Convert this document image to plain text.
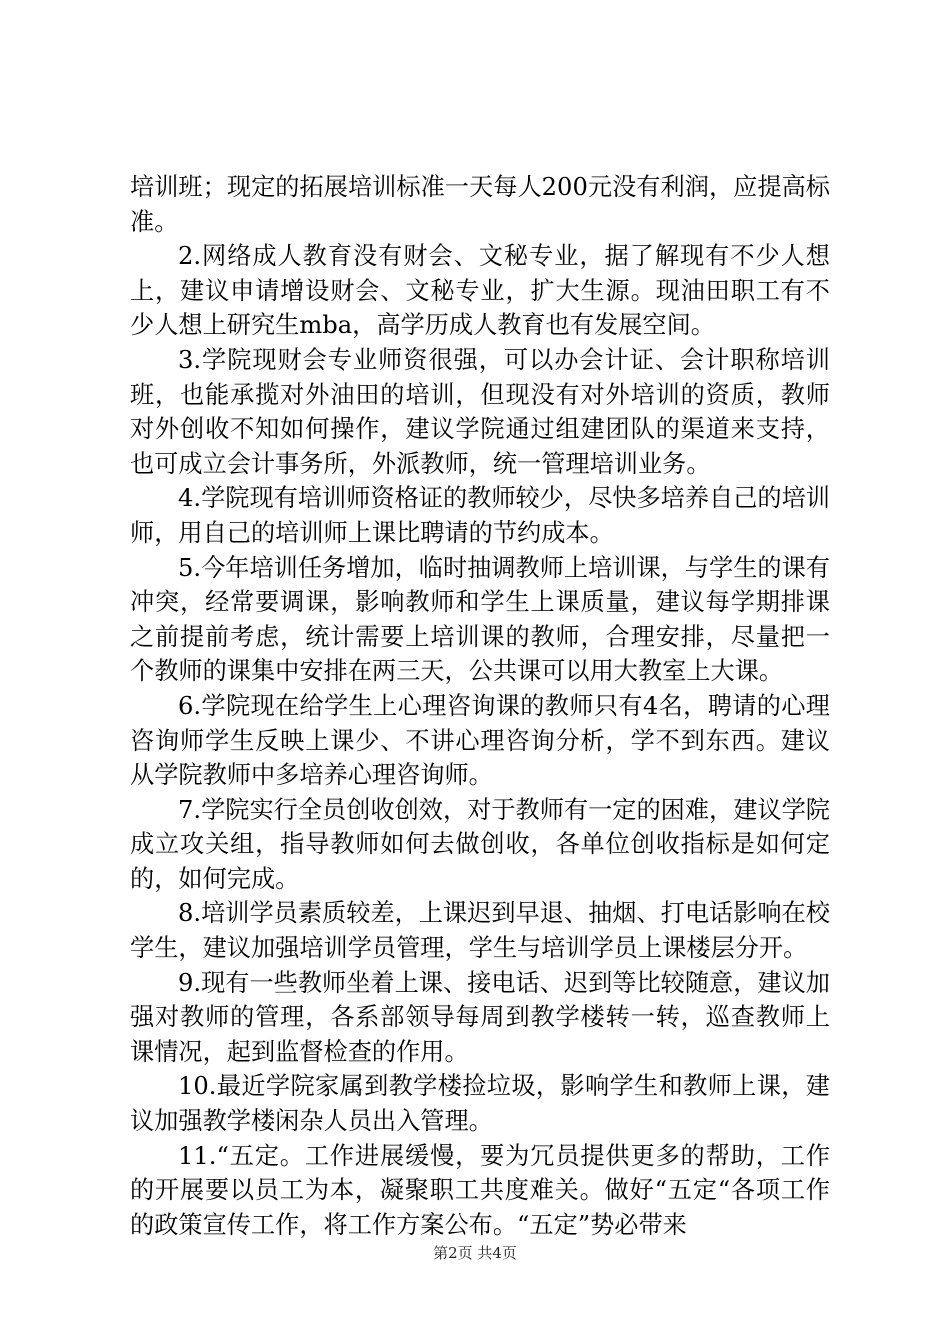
培训班；现定的拓展培训标准一天每人200元没有利润，应提高标准。

2.网络成人教育没有财会、文秘专业，据了解现有不少人想上，建议申请增设财会、文秘专业，扩大生源。现油田职工有不少人想上研究生mba，高学历成人教育也有发展空间。

3.学院现财会专业师资很强，可以办会计证、会计职称培训班，也能承揽对外油田的培训，但现没有对外培训的资质，教师对外创收不知如何操作，建议学院通过组建团队的渠道来支持，也可成立会计事务所，外派教师，统一管理培训业务。

4.学院现有培训师资格证的教师较少，尽快多培养自己的培训师，用自己的培训师上课比聘请的节约成本。

5.今年培训任务增加，临时抽调教师上培训课，与学生的课有冲突，经常要调课，影响教师和学生上课质量，建议每学期排课之前提前考虑，统计需要上培训课的教师，合理安排，尽量把一个教师的课集中安排在两三天，公共课可以用大教室上大课。

6.学院现在给学生上心理咨询课的教师只有4名，聘请的心理咨询师学生反映上课少、不讲心理咨询分析，学不到东西。建议从学院教师中多培养心理咨询师。

7.学院实行全员创收创效，对于教师有一定的困难，建议学院成立攻关组，指导教师如何去做创收，各单位创收指标是如何定的，如何完成。

8.培训学员素质较差，上课迟到早退、抽烟、打电话影响在校学生，建议加强培训学员管理，学生与培训学员上课楼层分开。

9.现有一些教师坐着上课、接电话、迟到等比较随意，建议加强对教师的管理，各系部领导每周到教学楼转一转，巡查教师上课情况，起到监督检查的作用。

10.最近学院家属到教学楼捡垃圾，影响学生和教师上课，建议加强教学楼闲杂人员出入管理。

11.“五定。工作进展缓慢，要为冗员提供更多的帮助，工作的开展要以员工为本，凝聚职工共度难关。做好“五定“各项工作的政策宣传工作，将工作方案公布。“五定”势必带来

第2页 共4页
